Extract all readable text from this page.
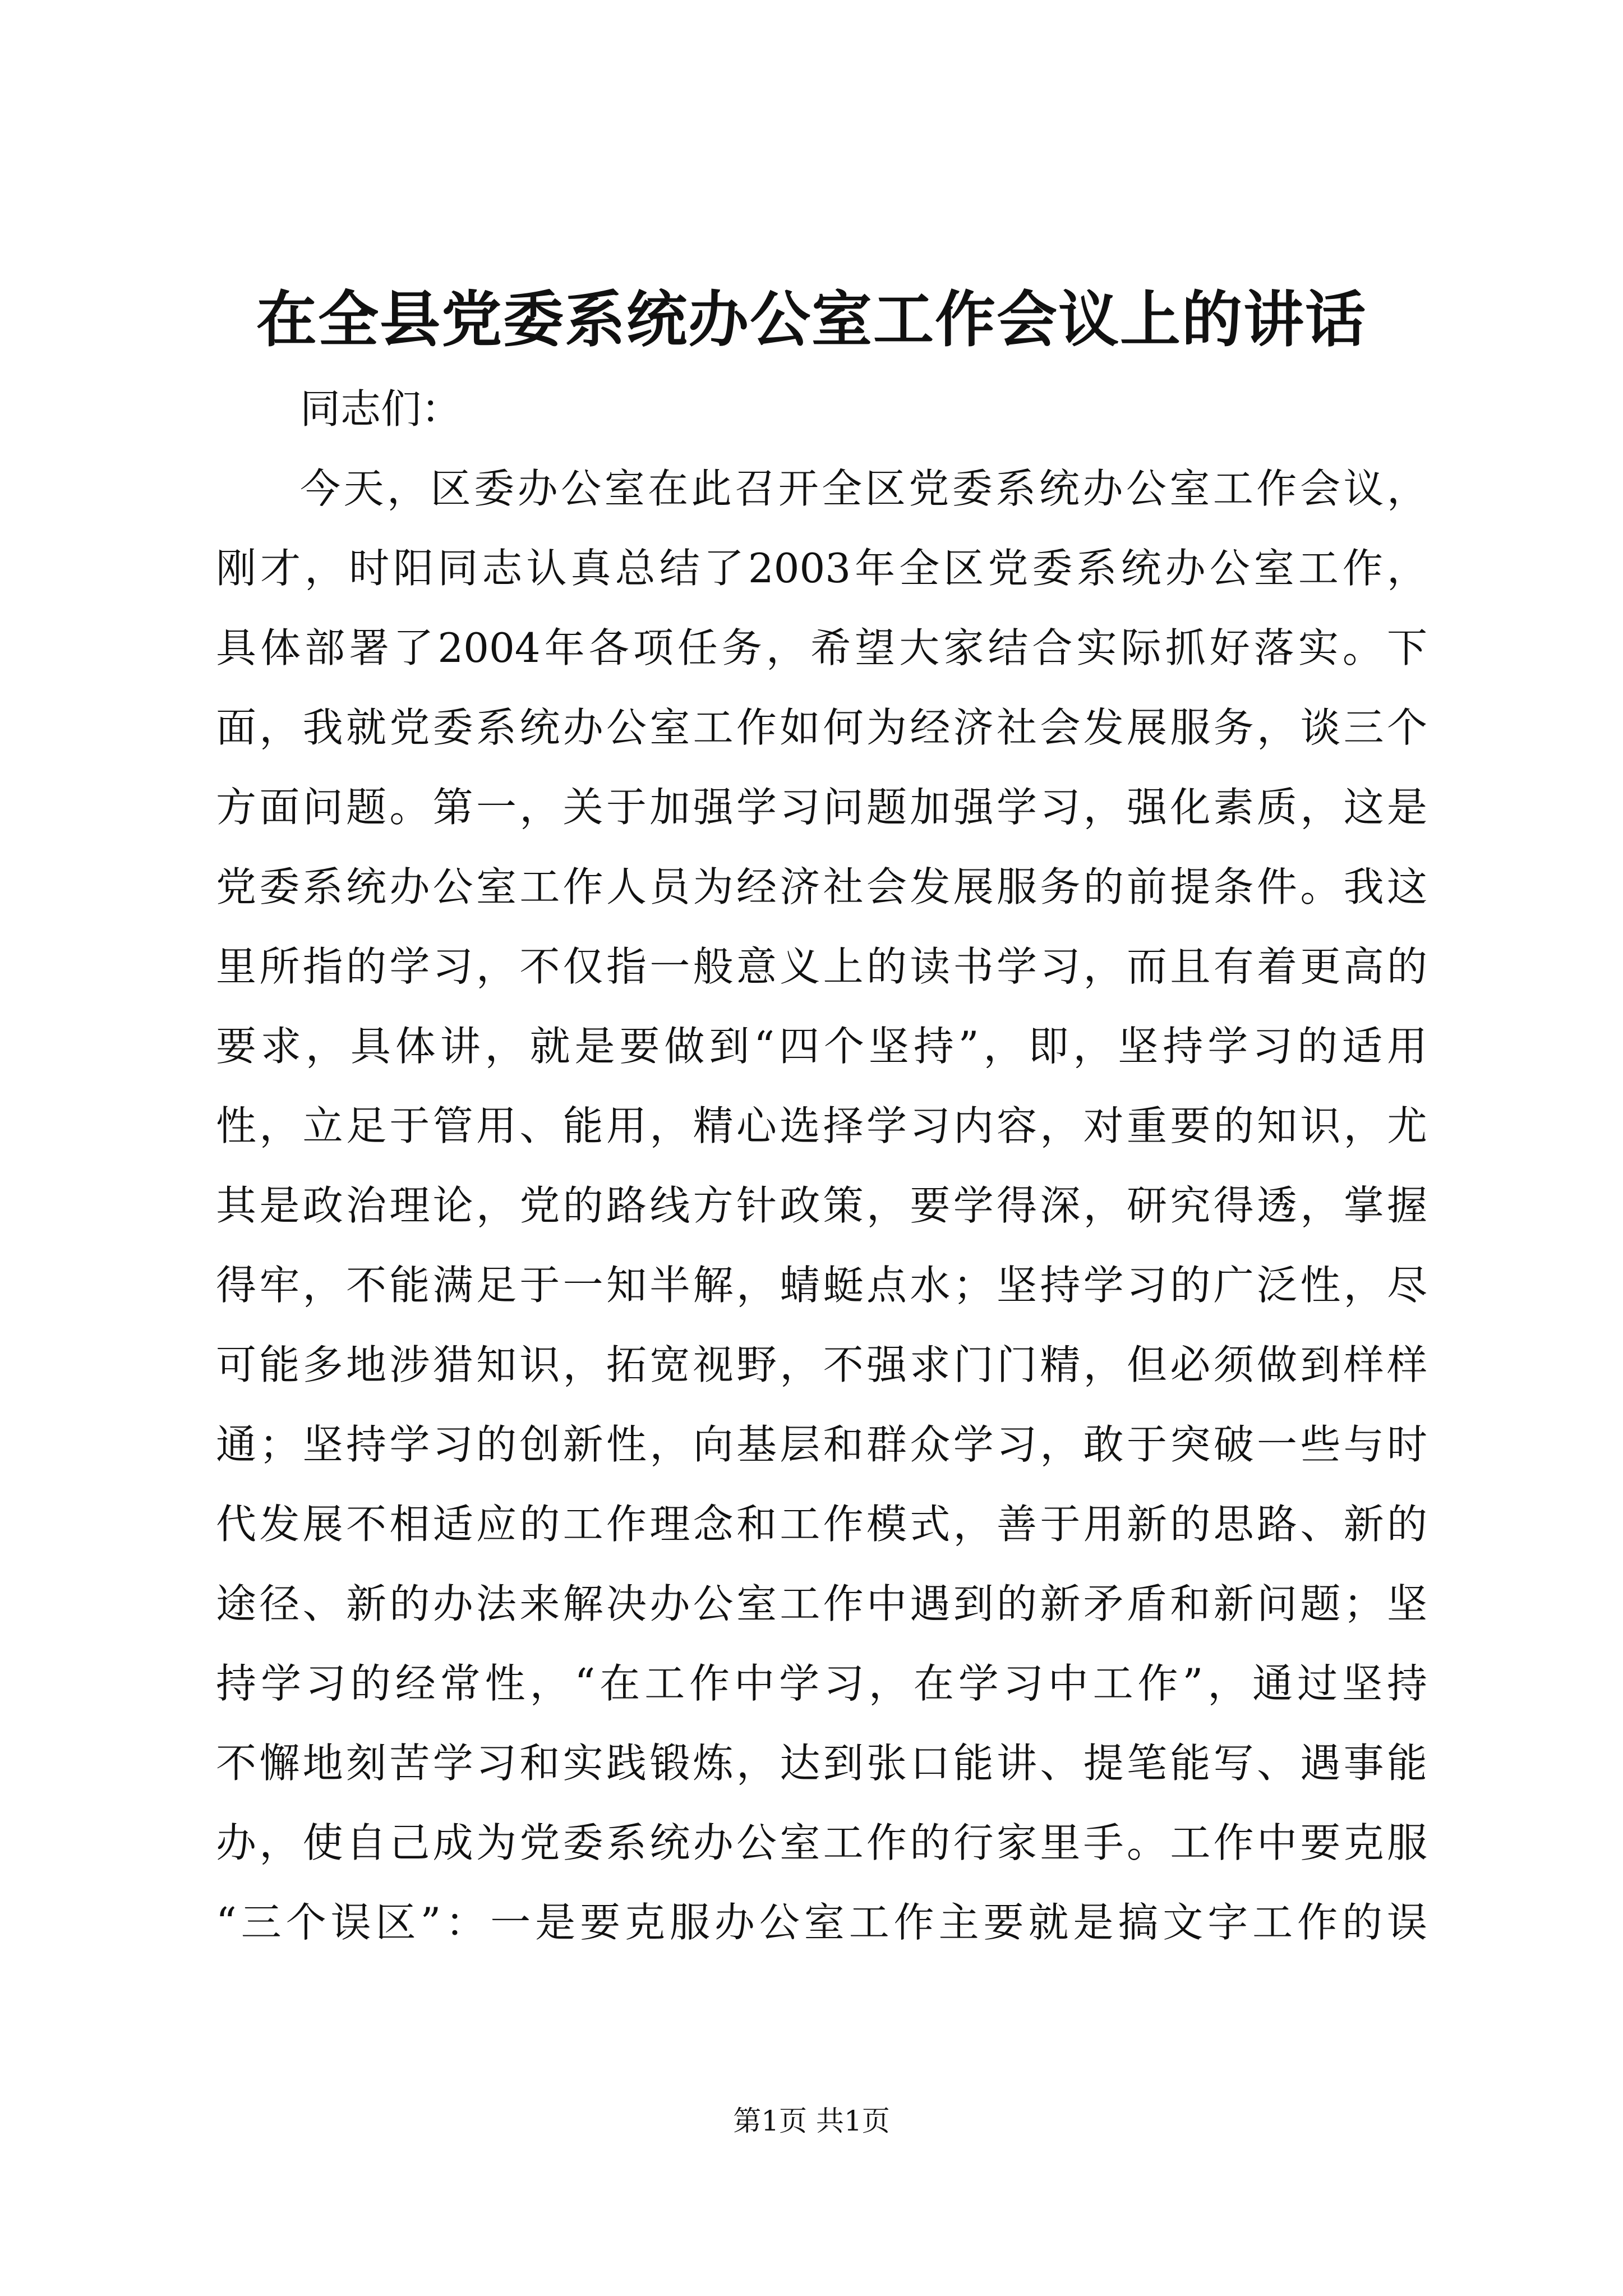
在全县党委系统办公室工作会议上的讲话
同志们：
今天，区委办公室在此召开全区党委系统办公室工作会议，
刚才，时阳同志认真总结了2003年全区党委系统办公室工作，
具体部署了2004年各项任务，希望大家结合实际抓好落实。下
面，我就党委系统办公室工作如何为经济社会发展服务，谈三个
方面问题。第一，关于加强学习问题加强学习，强化素质，这是
党委系统办公室工作人员为经济社会发展服务的前提条件。我这
里所指的学习，不仅指一般意义上的读书学习，而且有着更高的
要求，具体讲，就是要做到“四个坚持”，即，坚持学习的适用
性，立足于管用、能用，精心选择学习内容，对重要的知识，尤
其是政治理论，党的路线方针政策，要学得深，研究得透，掌握
得牢，不能满足于一知半解，蜻蜓点水；坚持学习的广泛性，尽
可能多地涉猎知识，拓宽视野，不强求门门精，但必须做到样样
通；坚持学习的创新性，向基层和群众学习，敢于突破一些与时
代发展不相适应的工作理念和工作模式，善于用新的思路、新的
途径、新的办法来解决办公室工作中遇到的新矛盾和新问题；坚
持学习的经常性，“在工作中学习，在学习中工作”，通过坚持
不懈地刻苦学习和实践锻炼，达到张口能讲、提笔能写、遇事能
办，使自己成为党委系统办公室工作的行家里手。工作中要克服
“三个误区”：一是要克服办公室工作主要就是搞文字工作的误
第1页 共1页
